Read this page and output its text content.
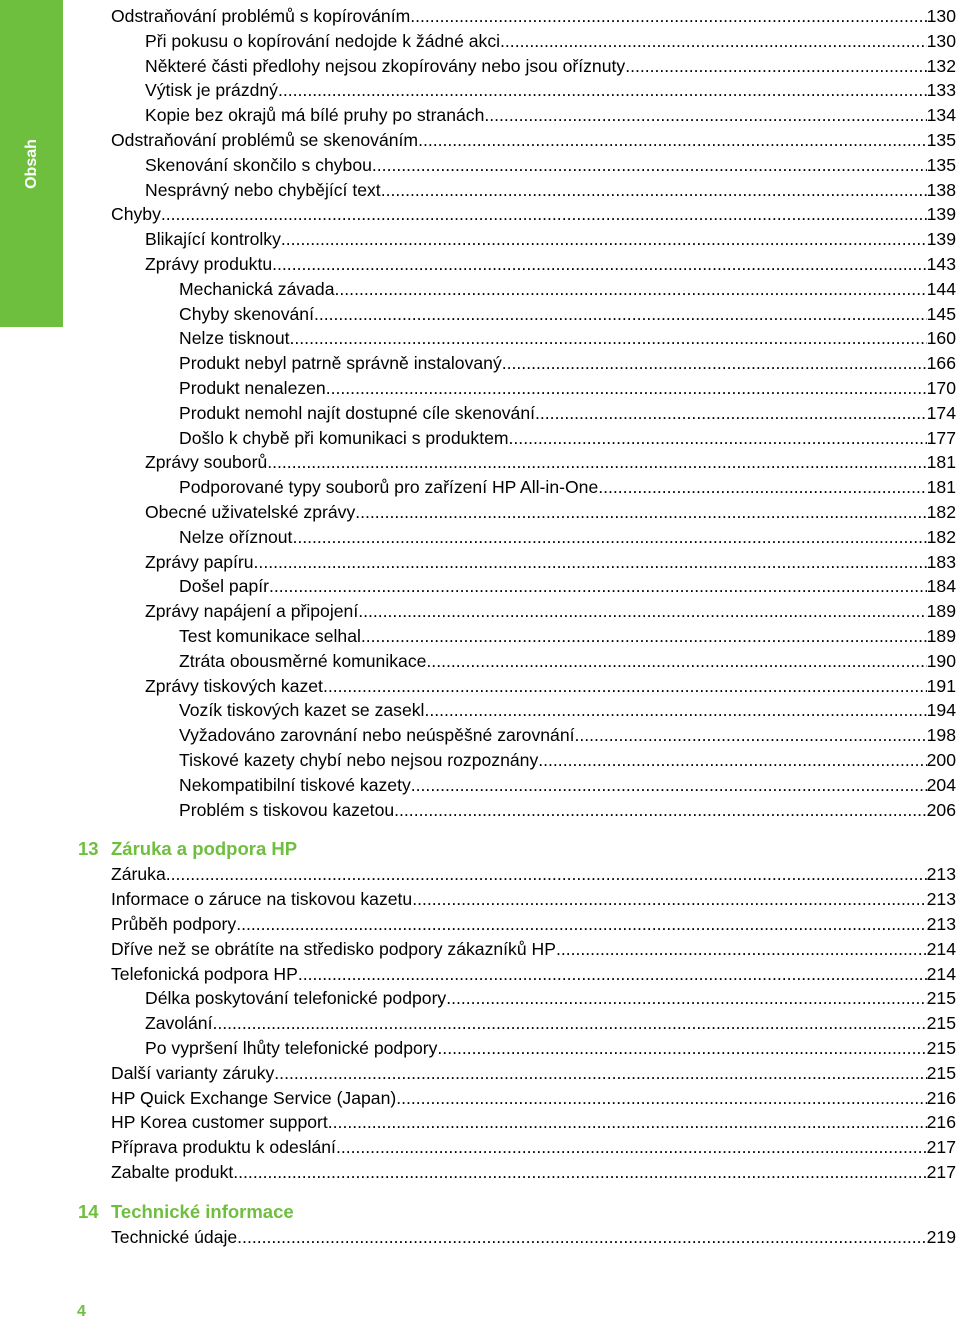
Obsah
Odstraňování problémů s kopírováním .....	130
Při pokusu o kopírování nedojde k žádné akci. .....	130
Některé části předlohy nejsou zkopírovány nebo jsou oříznuty .....	132
Výtisk je prázdný .....	133
Kopie bez okrajů má bílé pruhy po stranách .....	134
Odstraňování problémů se skenováním .....	135
Skenování skončilo s chybou .....	135
Nesprávný nebo chybějící text .....	138
Chyby .....	139
Blikající kontrolky .....	139
Zprávy produktu .....	143
Mechanická závada .....	144
Chyby skenování .....	145
Nelze tisknout .....	160
Produkt nebyl patrně správně instalovaný .....	166
Produkt nenalezen .....	170
Produkt nemohl najít dostupné cíle skenování .....	174
Došlo k chybě při komunikaci s produktem .....	177
Zprávy souborů .....	181
Podporované typy souborů pro zařízení HP All-in-One .....	181
Obecné uživatelské zprávy .....	182
Nelze oříznout .....	182
Zprávy papíru .....	183
Došel papír .....	184
Zprávy napájení a připojení .....	189
Test komunikace selhal .....	189
Ztráta obousměrné komunikace .....	190
Zprávy tiskových kazet .....	191
Vozík tiskových kazet se zasekl .....	194
Vyžadováno zarovnání nebo neúspěšné zarovnání .....	198
Tiskové kazety chybí nebo nejsou rozpoznány .....	200
Nekompatibilní tiskové kazety .....	204
Problém s tiskovou kazetou .....	206
13 Záruka a podpora HP
Záruka .....	213
Informace o záruce na tiskovou kazetu .....	213
Průběh podpory .....	213
Dříve než se obrátíte na středisko podpory zákazníků HP .....	214
Telefonická podpora HP .....	214
Délka poskytování telefonické podpory .....	215
Zavolání .....	215
Po vypršení lhůty telefonické podpory .....	215
Další varianty záruky .....	215
HP Quick Exchange Service (Japan) .....	216
HP Korea customer support .....	216
Příprava produktu k odeslání .....	217
Zabalte produkt .....	217
14 Technické informace
Technické údaje .....	219
4
